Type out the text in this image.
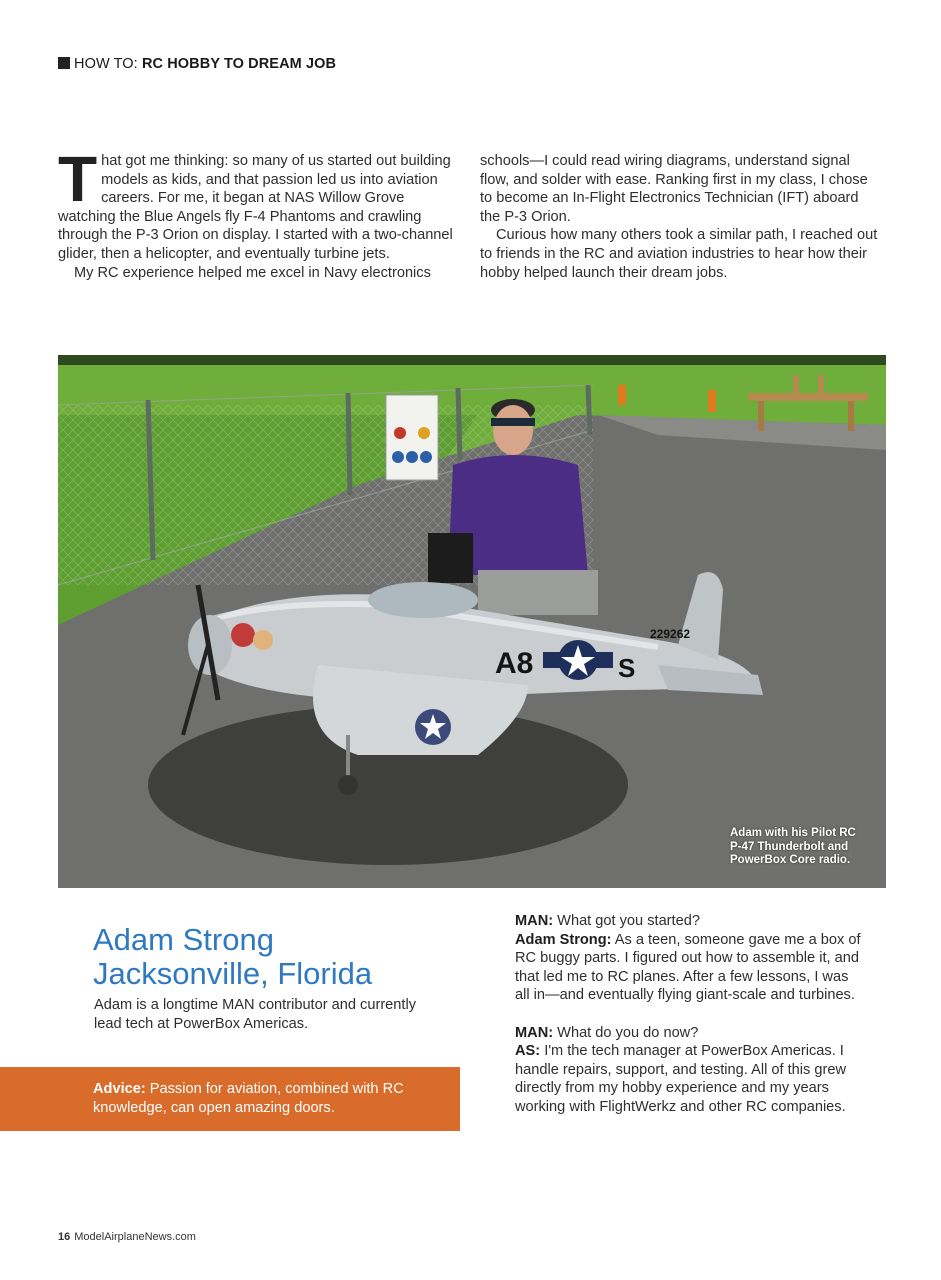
HOW TO: RC HOBBY TO DREAM JOB

That got me thinking: so many of us started out building models as kids, and that passion led us into aviation careers. For me, it began at NAS Willow Grove watching the Blue Angels fly F-4 Phantoms and crawling through the P-3 Orion on display. I started with a two-channel glider, then a helicopter, and eventually turbine jets.

My RC experience helped me excel in Navy electronics

schools—I could read wiring diagrams, understand signal flow, and solder with ease. Ranking first in my class, I chose to become an In-Flight Electronics Technician (IFT) aboard the P-3 Orion.

Curious how many others took a similar path, I reached out to friends in the RC and aviation industries to hear how their hobby helped launch their dream jobs.

A8	S
229262
Adam with his Pilot RC P-47 Thunderbolt and PowerBox Core radio.
Adam Strong
Jacksonville, Florida
Adam is a longtime MAN contributor and currently lead tech at PowerBox Americas.
Advice: Passion for aviation, combined with RC knowledge, can open amazing doors.

MAN: What got you started?

Adam Strong: As a teen, someone gave me a box of RC buggy parts. I figured out how to assemble it, and that led me to RC planes. After a few lessons, I was all in—and eventually flying giant-scale and turbines.

MAN: What do you do now?

AS: I'm the tech manager at PowerBox Americas. I handle repairs, support, and testing. All of this grew directly from my hobby experience and my years working with FlightWerkz and other RC companies.

16 ModelAirplaneNews.com
